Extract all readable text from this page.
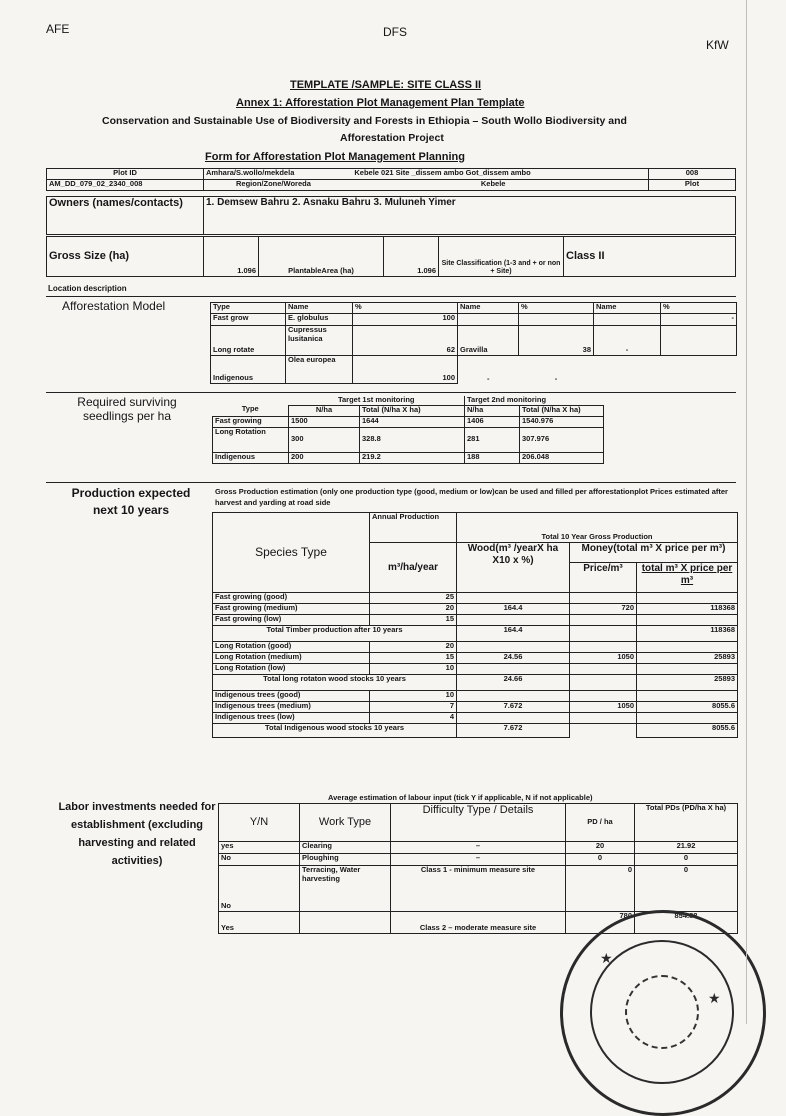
AFE	DFS
KfW
TEMPLATE /SAMPLE: SITE CLASS II
Annex 1: Afforestation Plot Management Plan Template
Conservation and Sustainable Use of Biodiversity and Forests in Ethiopia – South Wollo Biodiversity and
Afforestation Project
Form for Afforestation Plot Management Planning
Plot ID	Amhara/S.wollo/mekdela Kebele 021 Site _dissem ambo Got_dissem ambo	008
AM_DD_079_02_2340_008	Region/Zone/Woreda Kebele	Plot
Owners (names/contacts)	1. Demsew Bahru 2. Asnaku Bahru 3. Muluneh Yimer
Gross Size (ha)	1.096	PlantableArea (ha)	1.096	Site Classification (1-3 and + or non + Site)	Class II
Location description
Afforestation Model	Type	Name	%	Name	%	Name	%
Fast grow	E. globulus	100				-
Long rotate	Cupressus lusitanica	62	Gravilla	38	-	
Indigenous	Olea europea	100	-	-		
Required surviving seedlings per ha
	Target 1st monitoring		Target 2nd monitoring	
Type	N/ha	Total (N/ha X ha)	N/ha	Total (N/ha X ha)
Fast growing	1500	1644	1406	1540.976
Long Rotation	300	328.8	281	307.976
Indigenous	200	219.2	188	206.048
Production expected next 10 years
Gross Production estimation (only one production type (good, medium or low)can be used and filled per afforestationplot Prices estimated after harvest and yarding at road side
Species Type	Annual Production	Total 10 Year Gross Production		
	m³/ha/year	Wood(m³ /yearX ha X10 x %)	Money(total m³ X price per m³)	
			Price/m³	total m³ X price per m³
Fast growing (good)	25			
Fast growing (medium)	20	164.4	720	118368
Fast growing (low)	15			
Total Timber production after 10 years		164.4		118368
Long Rotation (good)	20			
Long Rotation (medium)	15	24.56	1050	25893
Long Rotation (low)	10			
Total long rotaton wood stocks 10 years		24.66		25893
Indigenous trees (good)	10			
Indigenous trees (medium)	7	7.672	1050	8055.6
Indigenous trees (low)	4			
Total Indigenous wood stocks 10 years		7.672		8055.6
Labor investments needed for establishment (excluding harvesting and related activities)
Average estimation of labour input (tick Y if applicable, N if not applicable)
Y/N	Work Type	Difficulty Type / Details	PD / ha	Total PDs (PD/ha X ha)
yes	Clearing	–	20	21.92
No	Ploughing	–	0	0
No	Terracing, Water harvesting	Class 1 - minimum measure site	0	0
Yes		Class 2 – moderate measure site	780	854.88
★
★
